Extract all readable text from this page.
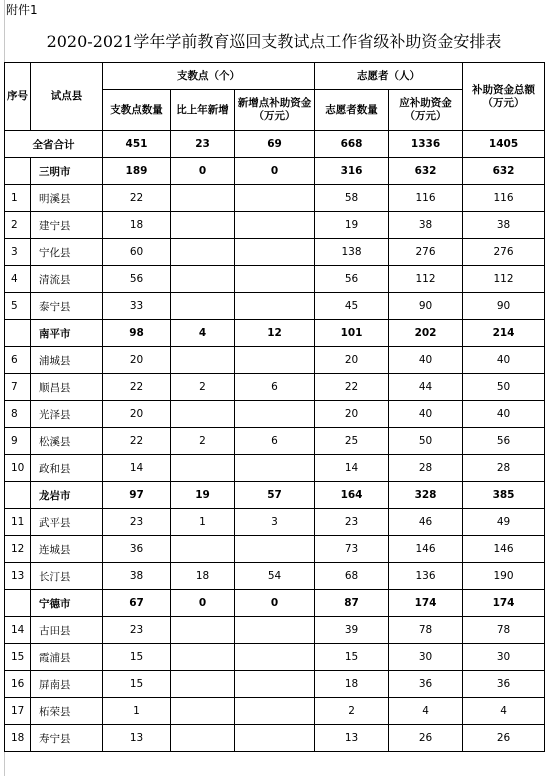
附件1
2020-2021学年学前教育巡回支教试点工作省级补助资金安排表
序号	试点县	支教点（个）			志愿者（人）		补助资金总额（万元）
		支教点数量	比上年新增	新增点补助资金（万元）	志愿者数量	应补助资金（万元）	
全省合计		451	23	69	668	1336	1405
	三明市	189	0	0	316	632	632
1	明溪县	22			58	116	116
2	建宁县	18			19	38	38
3	宁化县	60			138	276	276
4	清流县	56			56	112	112
5	泰宁县	33			45	90	90
	南平市	98	4	12	101	202	214
6	浦城县	20			20	40	40
7	顺昌县	22	2	6	22	44	50
8	光泽县	20			20	40	40
9	松溪县	22	2	6	25	50	56
10	政和县	14			14	28	28
	龙岩市	97	19	57	164	328	385
11	武平县	23	1	3	23	46	49
12	连城县	36			73	146	146
13	长汀县	38	18	54	68	136	190
	宁德市	67	0	0	87	174	174
14	古田县	23			39	78	78
15	霞浦县	15			15	30	30
16	屏南县	15			18	36	36
17	柘荣县	1			2	4	4
18	寿宁县	13			13	26	26
